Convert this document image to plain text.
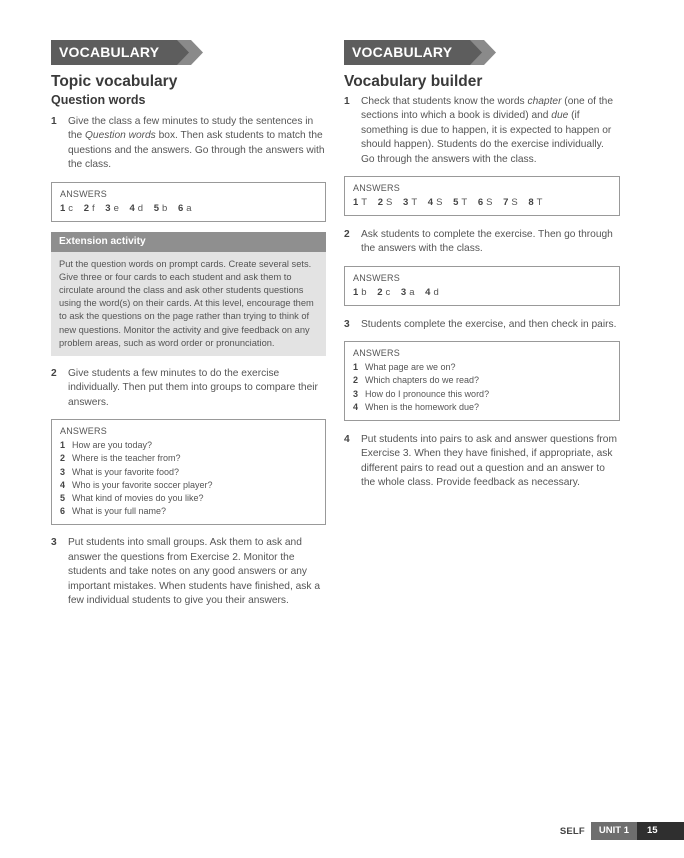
VOCABULARY
Topic vocabulary
Question words
1	Give the class a few minutes to study the sentences in the Question words box. Then ask students to match the questions and the answers. Go through the answers with the class.
ANSWERS
1 c 2 f 3 e 4 d 5 b 6 a
Extension activity
Put the question words on prompt cards. Create several sets. Give three or four cards to each student and ask them to circulate around the class and ask other students questions using the word(s) on their cards. At this level, encourage them to ask the questions on the page rather than trying to think of new questions. Monitor the activity and give feedback on any problem areas, such as word order or pronunciation.
2	Give students a few minutes to do the exercise individually. Then put them into groups to compare their answers.
ANSWERS
1 How are you today?
2 Where is the teacher from?
3 What is your favorite food?
4 Who is your favorite soccer player?
5 What kind of movies do you like?
6 What is your full name?
3	Put students into small groups. Ask them to ask and answer the questions from Exercise 2. Monitor the students and take notes on any good answers or any important mistakes. When students have finished, ask a few individual students to give you their answers.
VOCABULARY
Vocabulary builder
1	Check that students know the words chapter (one of the sections into which a book is divided) and due (if something is due to happen, it is expected to happen or should happen). Students do the exercise individually. Go through the answers with the class.
ANSWERS
1 T 2 S 3 T 4 S 5 T 6 S 7 S 8 T
2	Ask students to complete the exercise. Then go through the answers with the class.
ANSWERS
1 b 2 c 3 a 4 d
3	Students complete the exercise, and then check in pairs.
ANSWERS
1 What page are we on?
2 Which chapters do we read?
3 How do I pronounce this word?
4 When is the homework due?
4	Put students into pairs to ask and answer questions from Exercise 3. When they have finished, if appropriate, ask different pairs to read out a question and an answer to the whole class. Provide feedback as necessary.
SELF	UNIT 1	15
